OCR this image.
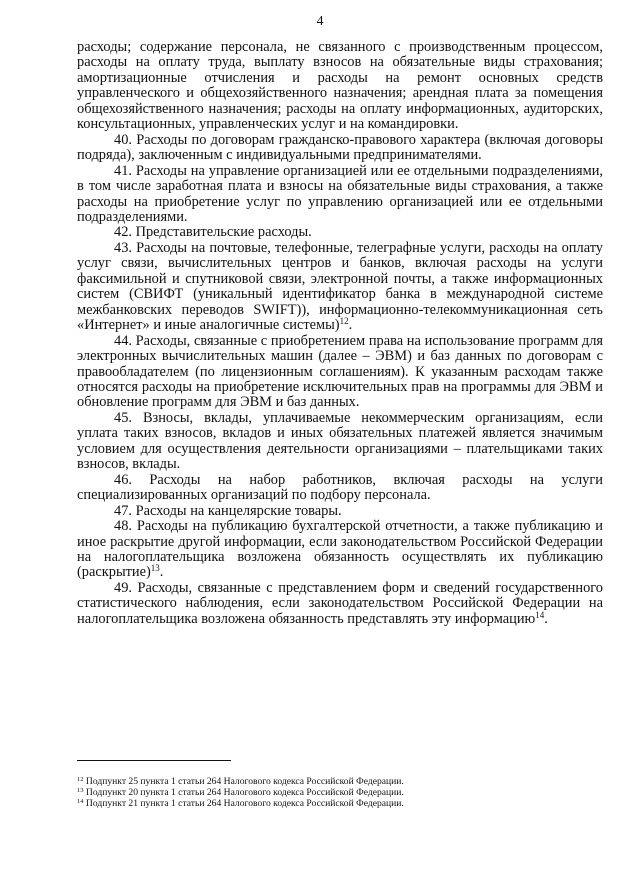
4

расходы; содержание персонала, не связанного с производственным процессом, расходы на оплату труда, выплату взносов на обязательные виды страхования; амортизационные отчисления и расходы на ремонт основных средств управленческого и общехозяйственного назначения; арендная плата за помещения общехозяйственного назначения; расходы на оплату информационных, аудиторских, консультационных, управленческих услуг и на командировки.

40. Расходы по договорам гражданско-правового характера (включая договоры подряда), заключенным с индивидуальными предпринимателями.

41. Расходы на управление организацией или ее отдельными подразделениями, в том числе заработная плата и взносы на обязательные виды страхования, а также расходы на приобретение услуг по управлению организацией или ее отдельными подразделениями.

42. Представительские расходы.

43. Расходы на почтовые, телефонные, телеграфные услуги, расходы на оплату услуг связи, вычислительных центров и банков, включая расходы на услуги факсимильной и спутниковой связи, электронной почты, а также информационных систем (СВИФТ (уникальный идентификатор банка в международной системе межбанковских переводов SWIFT)), информационно-телекоммуникационная сеть «Интернет» и иные аналогичные системы)$^{12}$.

44. Расходы, связанные с приобретением права на использование программ для электронных вычислительных машин (далее – ЭВМ) и баз данных по договорам с правообладателем (по лицензионным соглашениям). К указанным расходам также относятся расходы на приобретение исключительных прав на программы для ЭВМ и обновление программ для ЭВМ и баз данных.

45. Взносы, вклады, уплачиваемые некоммерческим организациям, если уплата таких взносов, вкладов и иных обязательных платежей является значимым условием для осуществления деятельности организациями – плательщиками таких взносов, вклады.

46. Расходы на набор работников, включая расходы на услуги специализированных организаций по подбору персонала.

47. Расходы на канцелярские товары.

48. Расходы на публикацию бухгалтерской отчетности, а также публикацию и иное раскрытие другой информации, если законодательством Российской Федерации на налогоплательщика возложена обязанность осуществлять их публикацию (раскрытие)$^{13}$.

49. Расходы, связанные с представлением форм и сведений государственного статистического наблюдения, если законодательством Российской Федерации на налогоплательщика возложена обязанность представлять эту информацию$^{14}$.

$^{12}$ Подпункт 25 пункта 1 статьи 264 Налогового кодекса Российской Федерации.

$^{13}$ Подпункт 20 пункта 1 статьи 264 Налогового кодекса Российской Федерации.

$^{14}$ Подпункт 21 пункта 1 статьи 264 Налогового кодекса Российской Федерации.
